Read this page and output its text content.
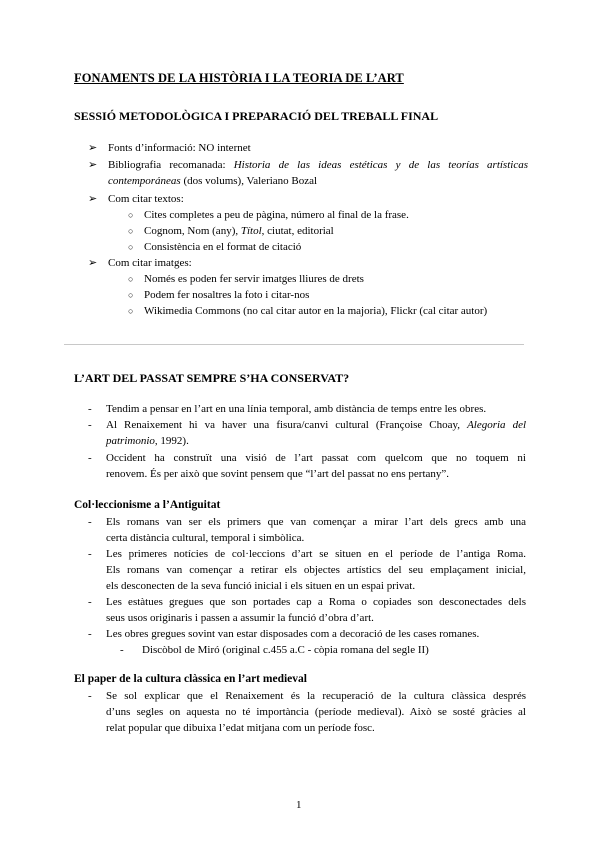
FONAMENTS DE LA HISTÒRIA I LA TEORIA DE L’ART
SESSIÓ METODOLÒGICA I PREPARACIÓ DEL TREBALL FINAL
➢ Fonts d’informació: NO internet
➢ Bibliografia recomanada: Historia de las ideas estéticas y de las teorías artísticas
contemporáneas (dos volums), Valeriano Bozal
➢ Com citar textos:
○ Cites completes a peu de pàgina, número al final de la frase.
○ Cognom, Nom (any), Títol, ciutat, editorial
○ Consistència en el format de citació
➢ Com citar imatges:
○ Només es poden fer servir imatges lliures de drets
○ Podem fer nosaltres la foto i citar-nos
○ Wikimedia Commons (no cal citar autor en la majoria), Flickr (cal citar autor)
L’ART DEL PASSAT SEMPRE S’HA CONSERVAT?
- Tendim a pensar en l’art en una línia temporal, amb distància de temps entre les obres.
- Al Renaixement hi va haver una fisura/canvi cultural (Françoise Choay, Alegoria del
patrimonio, 1992).
- Occident ha construït una visió de l’art passat com quelcom que no toquem ni
renovem. És per això que sovint pensem que “l’art del passat no ens pertany”.
Col·leccionisme a l’Antiguitat
- Els romans van ser els primers que van començar a mirar l’art dels grecs amb una
certa distància cultural, temporal i simbòlica.
- Les primeres notícies de col·leccions d’art se situen en el període de l’antiga Roma.
Els romans van començar a retirar els objectes artístics del seu emplaçament inicial,
els desconecten de la seva funció inicial i els situen en un espai privat.
- Les estàtues gregues que son portades cap a Roma o copiades son desconectades dels
seus usos originaris i passen a assumir la funció d’obra d’art.
- Les obres gregues sovint van estar disposades com a decoració de les cases romanes.
- Discòbol de Miró (original c.455 a.C - còpia romana del segle II)
El paper de la cultura clàssica en l’art medieval
- Se sol explicar que el Renaixement és la recuperació de la cultura clàssica després
d’uns segles on aquesta no té importància (període medieval). Això se sosté gràcies al
relat popular que dibuixa l’edat mitjana com un període fosc.
1
